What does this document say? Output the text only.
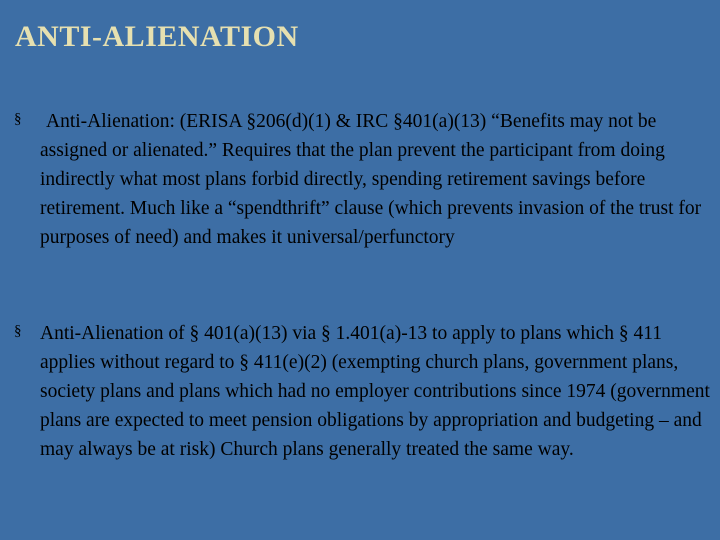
ANTI-ALIENATION
§	Anti-Alienation: (ERISA §206(d)(1) & IRC §401(a)(13) “Benefits may not be assigned or alienated.” Requires that the plan prevent the participant from doing indirectly what most plans forbid directly, spending retirement savings before retirement. Much like a “spendthrift” clause (which prevents invasion of the trust for purposes of need) and makes it universal/perfunctory
§ Anti-Alienation of § 401(a)(13) via § 1.401(a)-13 to apply to plans which § 411 applies without regard to § 411(e)(2) (exempting church plans, government plans, society plans and plans which had no employer contributions since 1974 (government plans are expected to meet pension obligations by appropriation and budgeting – and may always be at risk) Church plans generally treated the same way.
